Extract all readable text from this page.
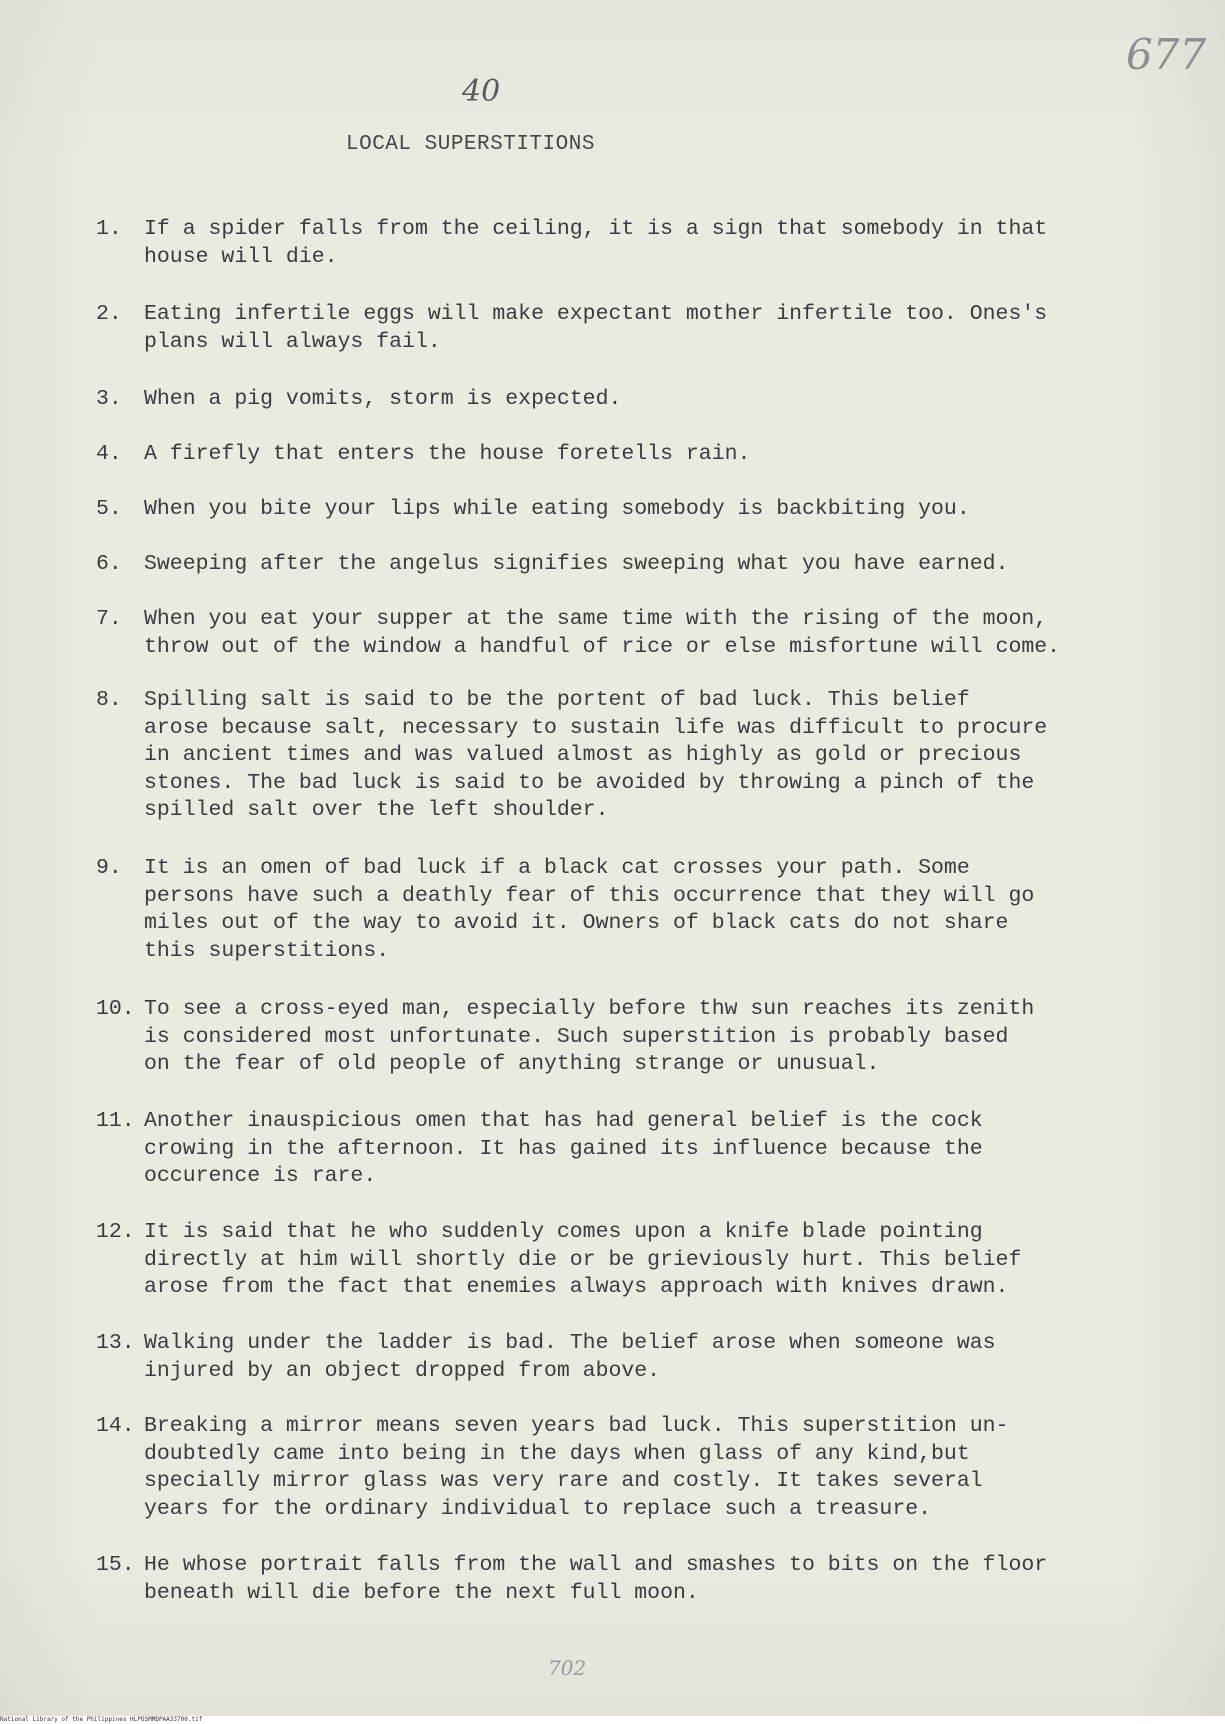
40
677
LOCAL SUPERSTITIONS
1. If a spider falls from the ceiling, it is a sign that somebody in that
house will die.
2. Eating infertile eggs will make expectant mother infertile too. Ones's
plans will always fail.
3. When a pig vomits, storm is expected.
4. A firefly that enters the house foretells rain.
5. When you bite your lips while eating somebody is backbiting you.
6. Sweeping after the angelus signifies sweeping what you have earned.
7. When you eat your supper at the same time with the rising of the moon,
throw out of the window a handful of rice or else misfortune will come.
8. Spilling salt is said to be the portent of bad luck. This belief
arose because salt, necessary to sustain life was difficult to procure
in ancient times and was valued almost as highly as gold or precious
stones. The bad luck is said to be avoided by throwing a pinch of the
spilled salt over the left shoulder.
9. It is an omen of bad luck if a black cat crosses your path. Some
persons have such a deathly fear of this occurrence that they will go
miles out of the way to avoid it. Owners of black cats do not share
this superstitions.
10. To see a cross-eyed man, especially before thw sun reaches its zenith
is considered most unfortunate. Such superstition is probably based
on the fear of old people of anything strange or unusual.
11. Another inauspicious omen that has had general belief is the cock
crowing in the afternoon. It has gained its influence because the
occurence is rare.
12. It is said that he who suddenly comes upon a knife blade pointing
directly at him will shortly die or be grieviously hurt. This belief
arose from the fact that enemies always approach with knives drawn.
13. Walking under the ladder is bad. The belief arose when someone was
injured by an object dropped from above.
14. Breaking a mirror means seven years bad luck. This superstition un-
doubtedly came into being in the days when glass of any kind,but
specially mirror glass was very rare and costly. It takes several
years for the ordinary individual to replace such a treasure.
15. He whose portrait falls from the wall and smashes to bits on the floor
beneath will die before the next full moon.
702
National Library of the Philippines HLPOSMMDPAA33700.tif
